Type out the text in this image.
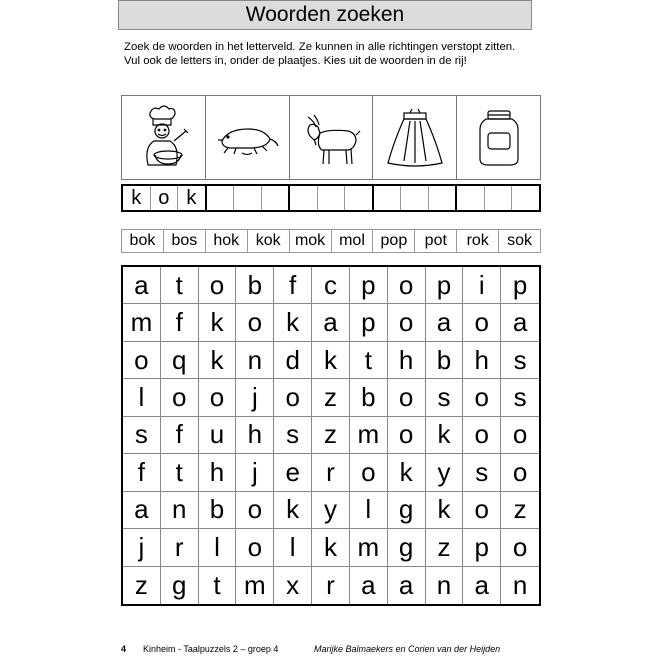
Woorden zoeken
Zoek de woorden in het letterveld. Ze kunnen in alle richtingen verstopt zitten. Vul ook de letters in, onder de plaatjes. Kies uit de woorden in de rij!
k o k
bok	bos	hok	kok mok mol pop	pot	rok	sok
a	t	o b	f	c p o p	i	p
m f	k o k a p o a o a
o q k n d k	t	h b h s
l	o o	j	o z b o s o s
s	f	u h s z m o k o o
f	t	h	j	e	r	o k y s o
a n b o k y	l	g k o z
j	r	l	o	l	k m g z p o
z g	t m x	r	a a n a n
4 Kinheim - Taalpuzzels 2 – groep 4	Marijke Balmaekers en Corien van der Heijden
